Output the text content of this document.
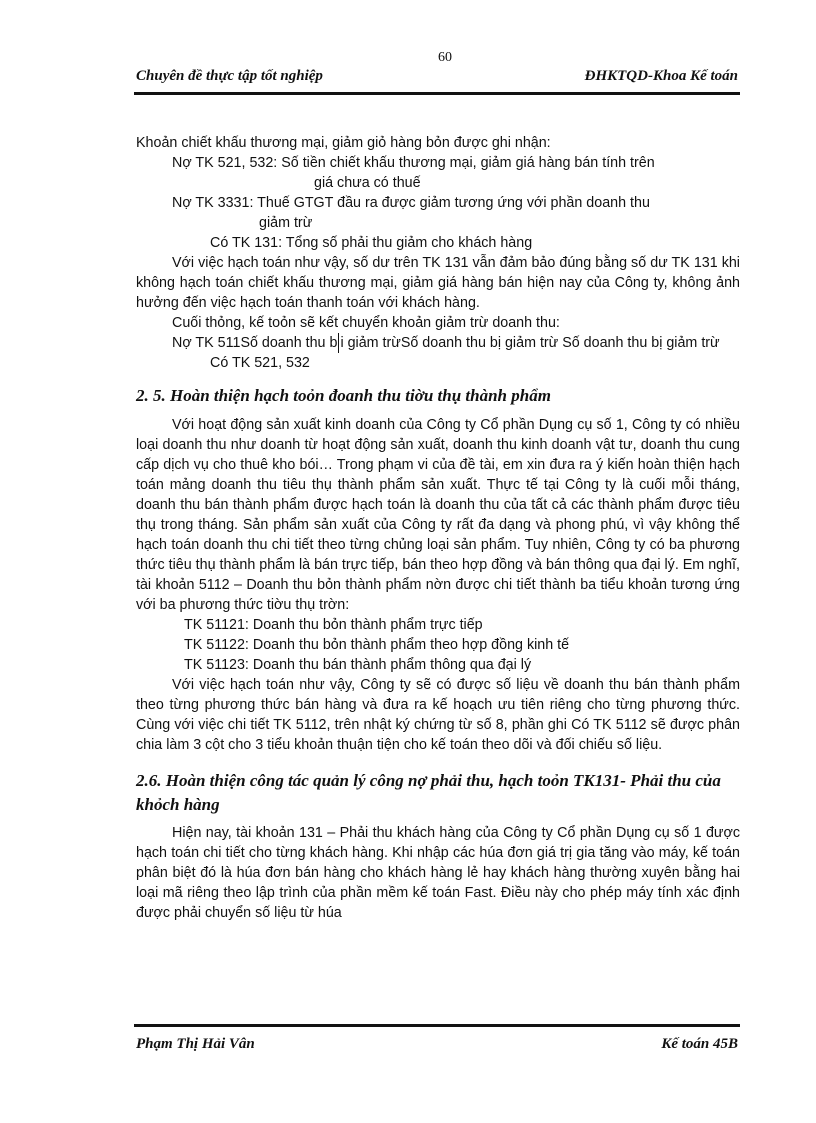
60
Chuyên đề thực tập tốt nghiệp	ĐHKTQD-Khoa Kế toán

Khoản chiết khấu thương mại, giảm giỏ hàng bỏn được ghi nhận:

Nợ TK 521, 532: Số tiền chiết khấu thương mại, giảm giá hàng bán tính trên

giá chưa có thuế

Nợ TK 3331: Thuế GTGT đầu ra được giảm tương ứng với phần doanh thu

giảm trừ

Có TK 131: Tổng số phải thu giảm cho khách hàng

Với việc hạch toán như vậy, số dư trên TK 131 vẫn đảm bảo đúng bằng số dư TK 131 khi không hạch toán chiết khấu thương mại, giảm giá hàng bán hiện nay của Công ty, không ảnh hưởng đến việc hạch toán thanh toán với khách hàng.

Cuối thỏng, kế toỏn sẽ kết chuyển khoản giảm trừ doanh thu:

Nợ TK 511Số doanh thu b i giảm trừSố doanh thu bị giảm trừ Số doanh thu bị giảm trừ

Có TK 521, 532

2. 5. Hoàn thiện hạch toỏn đoanh thu tiờu thụ thành phẩm

Với hoạt động sản xuất kinh doanh của Công ty Cổ phần Dụng cụ số 1, Công ty có nhiều loại doanh thu như doanh từ hoạt động sản xuất, doanh thu kinh doanh vật tư, doanh thu cung cấp dịch vụ cho thuê kho bói… Trong phạm vi của đề tài, em xin đưa ra ý kiến hoàn thiện hạch toán mảng doanh thu tiêu thụ thành phẩm sản xuất. Thực tế tại Công ty là cuối mỗi tháng, doanh thu bán thành phẩm được hạch toán là doanh thu của tất cả các thành phẩm được tiêu thụ trong tháng. Sản phẩm sản xuất của Công ty rất đa dạng và phong phú, vì vậy không thể hạch toán doanh thu chi tiết theo từng chủng loại sản phẩm. Tuy nhiên, Công ty có ba phương thức tiêu thụ thành phẩm là bán trực tiếp, bán theo hợp đồng và bán thông qua đại lý. Em nghĩ, tài khoản 5112 – Doanh thu bỏn thành phẩm nờn được chi tiết thành ba tiểu khoản tương ứng với ba phương thức tiờu thụ trờn:

TK 51121: Doanh thu bỏn thành phẩm trực tiếp

TK 51122: Doanh thu bỏn thành phẩm theo hợp đồng kinh tế

TK 51123: Doanh thu bán thành phẩm thông qua đại lý

Với việc hạch toán như vậy, Công ty sẽ có được số liệu về doanh thu bán thành phẩm theo từng phương thức bán hàng và đưa ra kế hoạch ưu tiên riêng cho từng phương thức. Cùng với việc chi tiết TK 5112, trên nhật ký chứng từ số 8, phần ghi Có TK 5112 sẽ được phân chia làm 3 cột cho 3 tiểu khoản thuận tiện cho kế toán theo dõi và đối chiếu số liệu.

2.6. Hoàn thiện công tác quản lý công nợ phải thu, hạch toỏn TK131- Phải thu của khỏch hàng

Hiện nay, tài khoản 131 – Phải thu khách hàng của Công ty Cổ phần Dụng cụ số 1 được hạch toán chi tiết cho từng khách hàng. Khi nhập các húa đơn giá trị gia tăng vào máy, kế toán phân biệt đó là húa đơn bán hàng cho khách hàng lẻ hay khách hàng thường xuyên bằng hai loại mã riêng theo lập trình của phần mềm kế toán Fast. Điều này cho phép máy tính xác định được phải chuyển số liệu từ húa

Phạm Thị Hải Vân	Kế toán 45B
